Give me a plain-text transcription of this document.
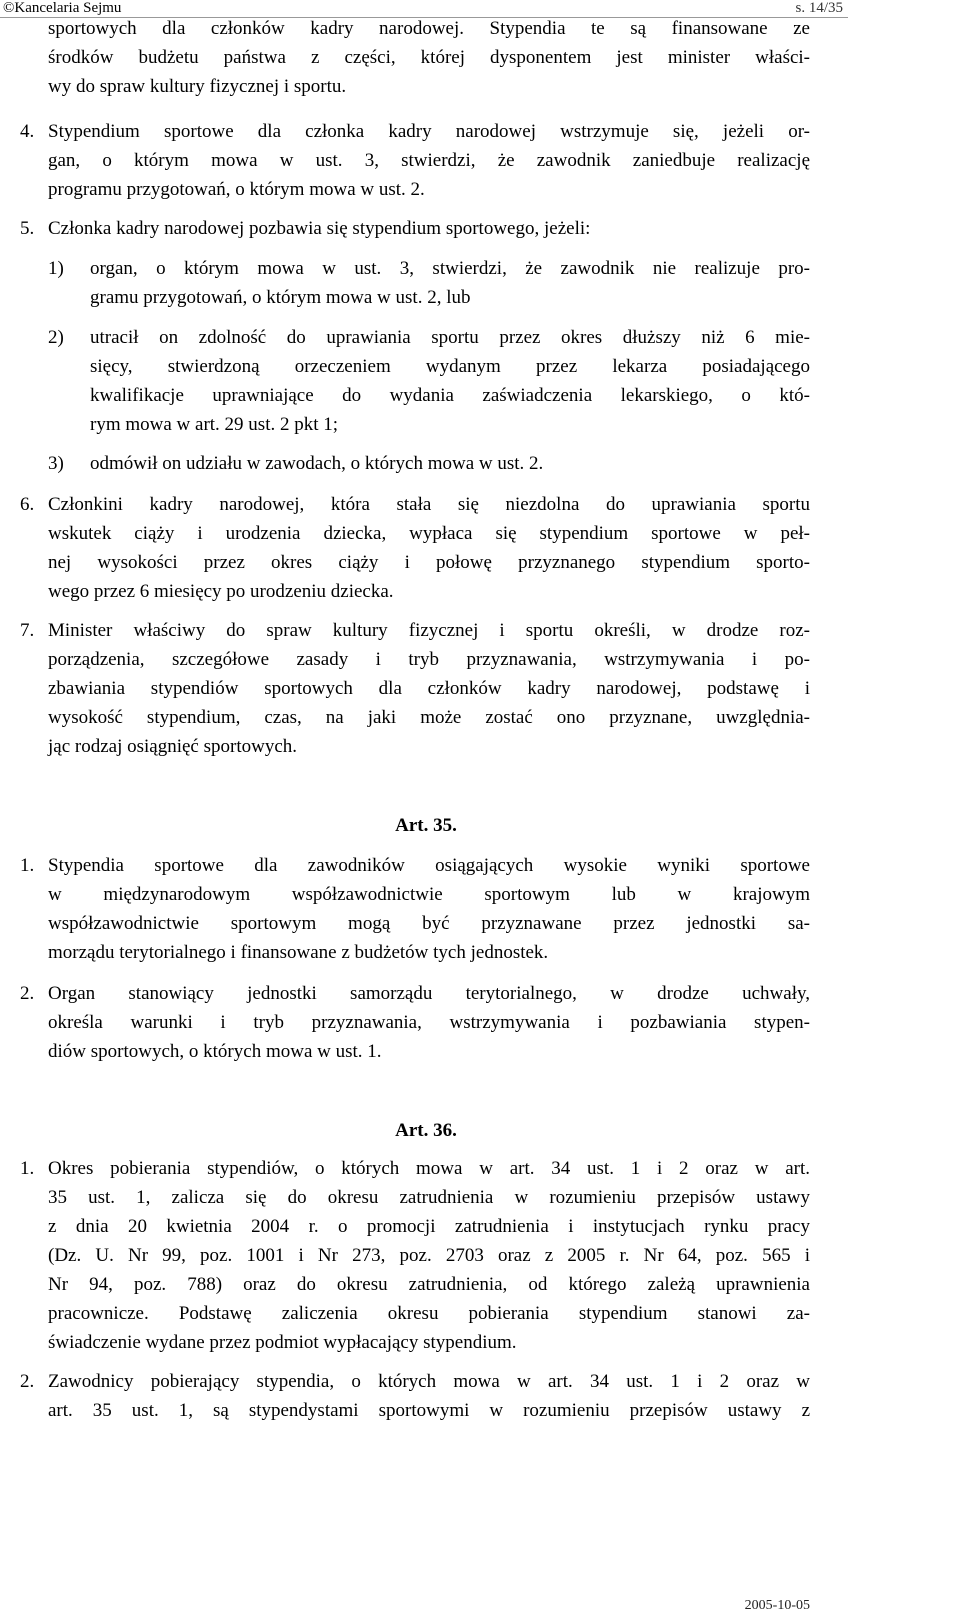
©Kancelaria Sejmu	s. 14/35
sportowych dla członków kadry narodowej. Stypendia te są finansowane ze
środków budżetu państwa z części, której dysponentem jest minister właści-
wy do spraw kultury fizycznej i sportu.
4. Stypendium sportowe dla członka kadry narodowej wstrzymuje się, jeżeli or-
gan, o którym mowa w ust. 3, stwierdzi, że zawodnik zaniedbuje realizację
programu przygotowań, o którym mowa w ust. 2.
5. Członka kadry narodowej pozbawia się stypendium sportowego, jeżeli:
1) organ, o którym mowa w ust. 3, stwierdzi, że zawodnik nie realizuje pro-
gramu przygotowań, o którym mowa w ust. 2, lub
2) utracił on zdolność do uprawiania sportu przez okres dłuższy niż 6 mie-
sięcy, stwierdzoną orzeczeniem wydanym przez lekarza posiadającego
kwalifikacje uprawniające do wydania zaświadczenia lekarskiego, o któ-
rym mowa w art. 29 ust. 2 pkt 1;
3) odmówił on udziału w zawodach, o których mowa w ust. 2.
6. Członkini kadry narodowej, która stała się niezdolna do uprawiania sportu
wskutek ciąży i urodzenia dziecka, wypłaca się stypendium sportowe w peł-
nej wysokości przez okres ciąży i połowę przyznanego stypendium sporto-
wego przez 6 miesięcy po urodzeniu dziecka.
7. Minister właściwy do spraw kultury fizycznej i sportu określi, w drodze roz-
porządzenia, szczegółowe zasady i tryb przyznawania, wstrzymywania i po-
zbawiania stypendiów sportowych dla członków kadry narodowej, podstawę i
wysokość stypendium, czas, na jaki może zostać ono przyznane, uwzględnia-
jąc rodzaj osiągnięć sportowych.
Art. 35.
1. Stypendia sportowe dla zawodników osiągających wysokie wyniki sportowe
w międzynarodowym współzawodnictwie sportowym lub w krajowym
współzawodnictwie sportowym mogą być przyznawane przez jednostki sa-
morządu terytorialnego i finansowane z budżetów tych jednostek.
2. Organ stanowiący jednostki samorządu terytorialnego, w drodze uchwały,
określa warunki i tryb przyznawania, wstrzymywania i pozbawiania stypen-
diów sportowych, o których mowa w ust. 1.
Art. 36.
1. Okres pobierania stypendiów, o których mowa w art. 34 ust. 1 i 2 oraz w art.
35 ust. 1, zalicza się do okresu zatrudnienia w rozumieniu przepisów ustawy
z dnia 20 kwietnia 2004 r. o promocji zatrudnienia i instytucjach rynku pracy
(Dz. U. Nr 99, poz. 1001 i Nr 273, poz. 2703 oraz z 2005 r. Nr 64, poz. 565 i
Nr 94, poz. 788) oraz do okresu zatrudnienia, od którego zależą uprawnienia
pracownicze. Podstawę zaliczenia okresu pobierania stypendium stanowi za-
świadczenie wydane przez podmiot wypłacający stypendium.
2. Zawodnicy pobierający stypendia, o których mowa w art. 34 ust. 1 i 2 oraz w
art. 35 ust. 1, są stypendystami sportowymi w rozumieniu przepisów ustawy z
2005-10-05
